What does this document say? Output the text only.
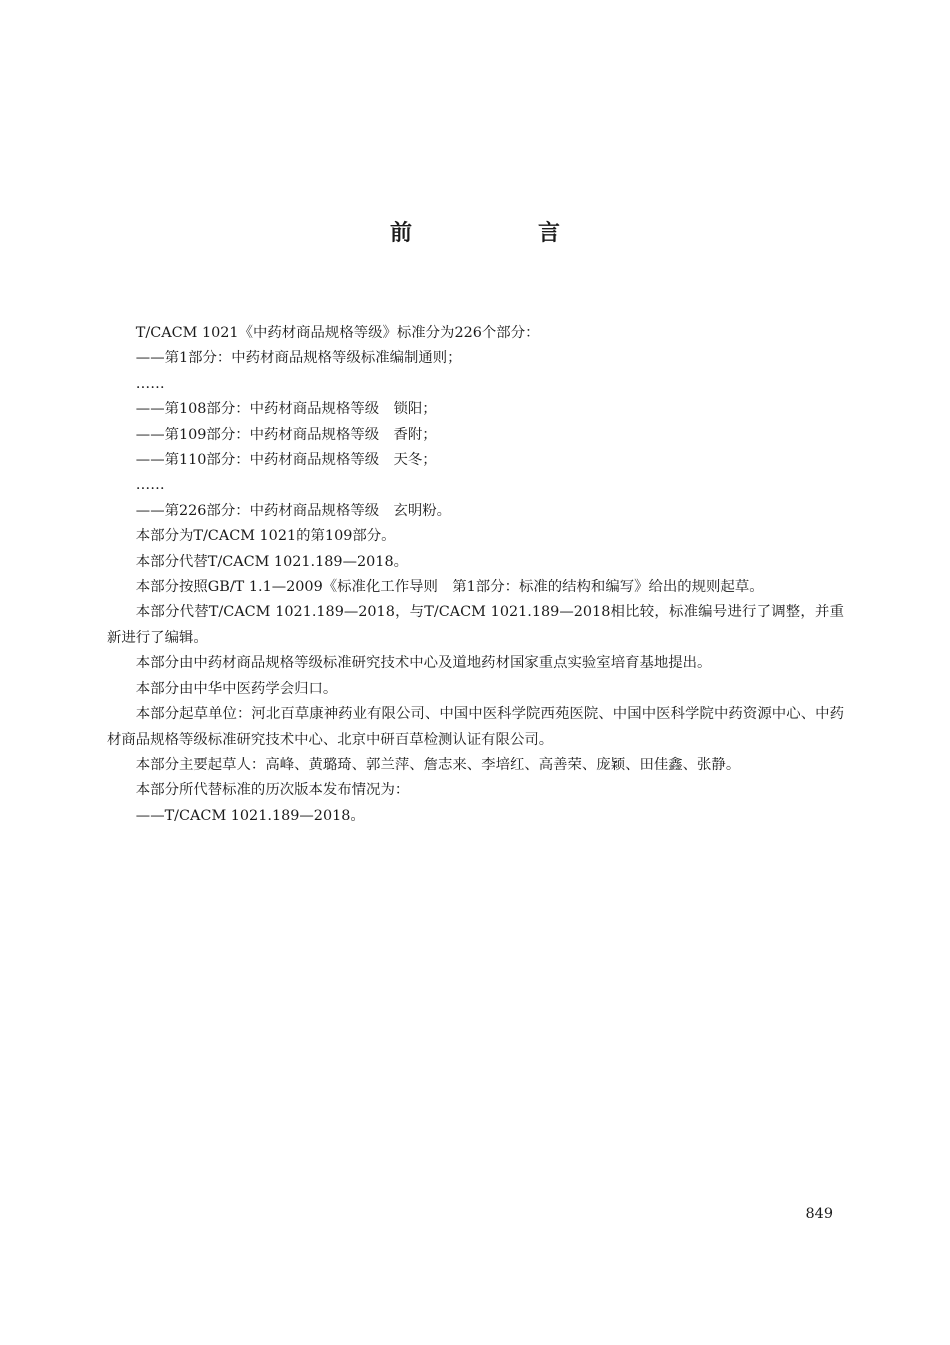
前　言

T/CACM 1021《中药材商品规格等级》标准分为226个部分：

——第1部分：中药材商品规格等级标准编制通则；

……

——第108部分：中药材商品规格等级　锁阳；

——第109部分：中药材商品规格等级　香附；

——第110部分：中药材商品规格等级　天冬；

……

——第226部分：中药材商品规格等级　玄明粉。

本部分为T/CACM 1021的第109部分。

本部分代替T/CACM 1021.189—2018。

本部分按照GB/T 1.1—2009《标准化工作导则　第1部分：标准的结构和编写》给出的规则起草。

本部分代替T/CACM 1021.189—2018，与T/CACM 1021.189—2018相比较，标准编号进行了调整，并重新进行了编辑。

本部分由中药材商品规格等级标准研究技术中心及道地药材国家重点实验室培育基地提出。

本部分由中华中医药学会归口。

本部分起草单位：河北百草康神药业有限公司、中国中医科学院西苑医院、中国中医科学院中药资源中心、中药材商品规格等级标准研究技术中心、北京中研百草检测认证有限公司。

本部分主要起草人：高峰、黄璐琦、郭兰萍、詹志来、李培红、高善荣、庞颖、田佳鑫、张静。

本部分所代替标准的历次版本发布情况为：

——T/CACM 1021.189—2018。

849
